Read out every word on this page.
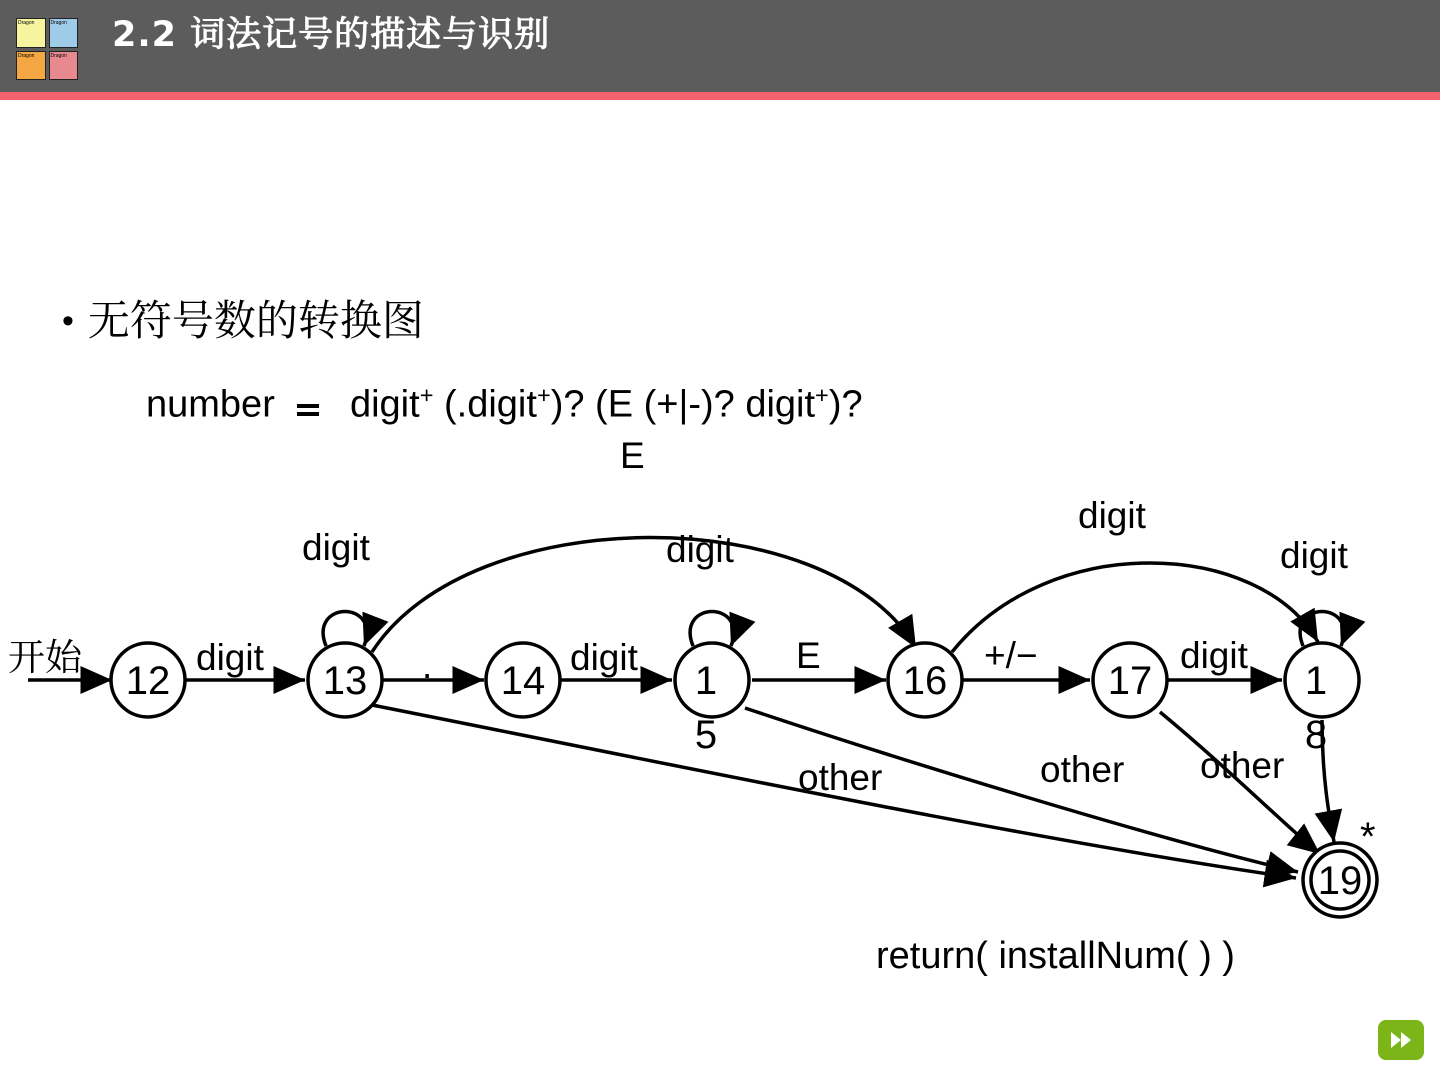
Dragon	Dragon
Dragon	Dragon
2.2 词法记号的描述与识别
• 无符号数的转换图
number digit+ (.digit+)? (E (+|-)? digit+)?
12	13	14	1
5
16	17	1
8
19
开始	digit
digit
.	digit
digit
E
E	+/−
digit
digit
digit
other	other other
*
return( installNum( ) )
